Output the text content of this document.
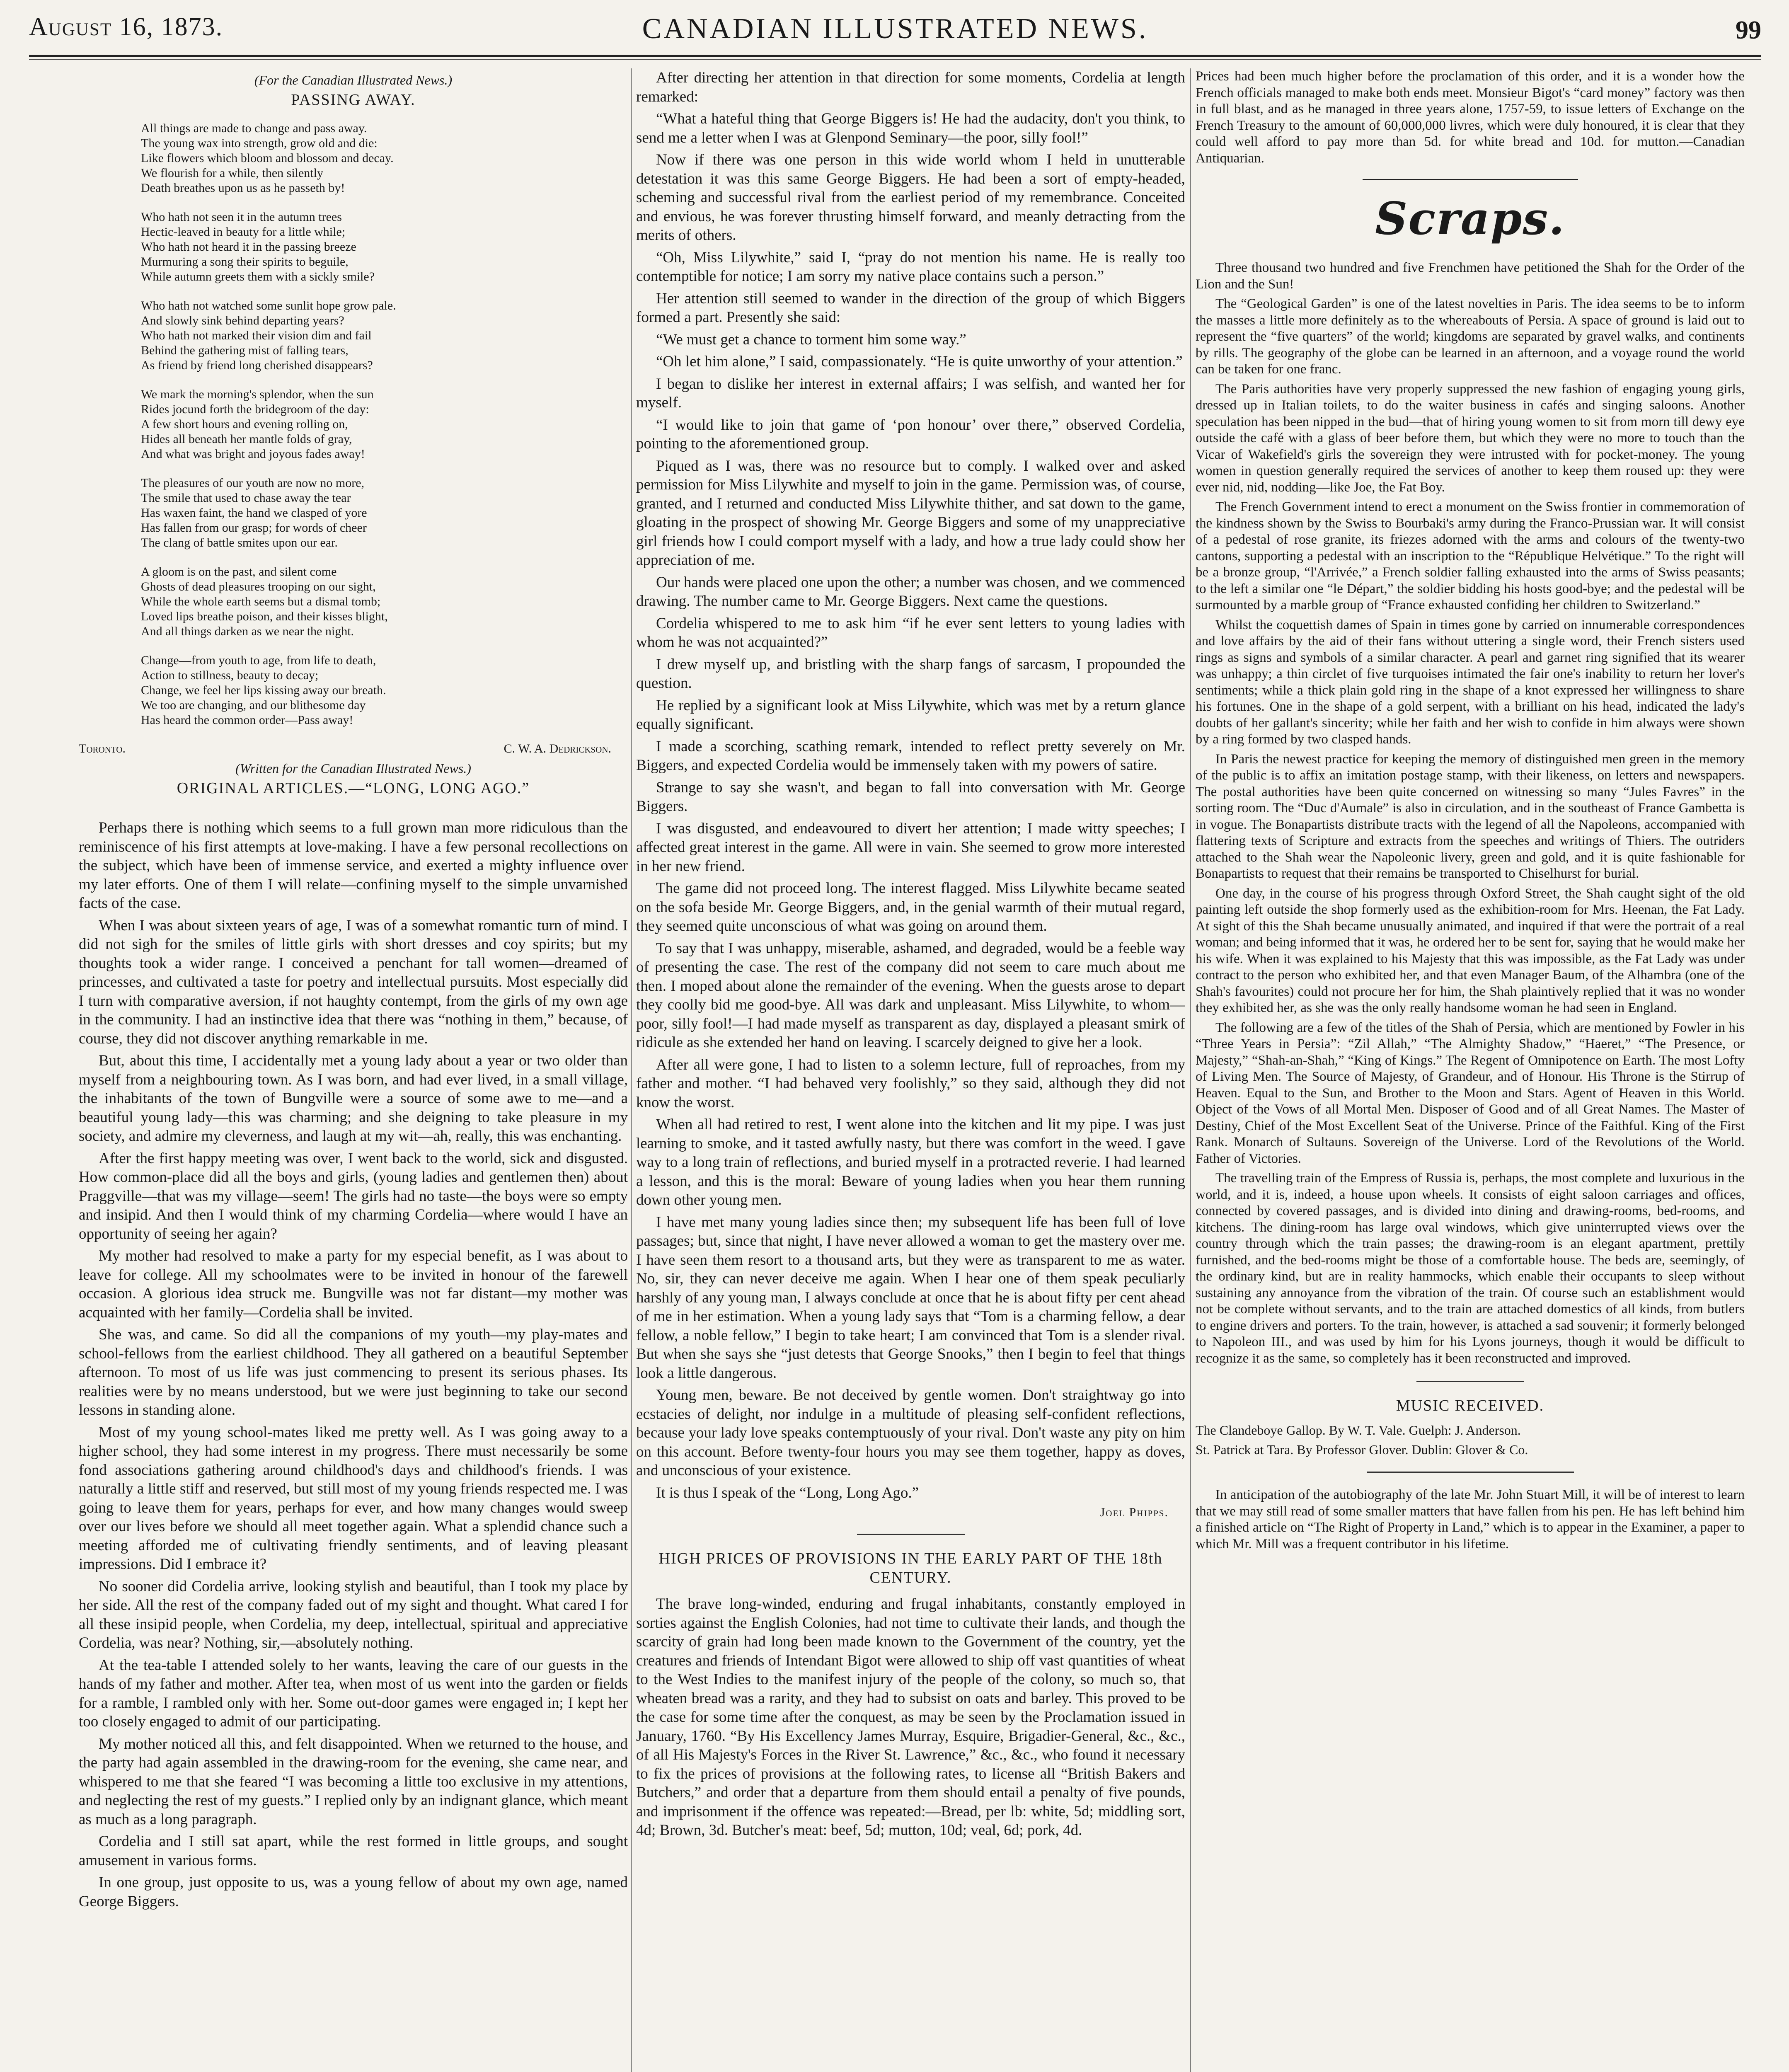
August 16, 1873.	CANADIAN ILLUSTRATED NEWS.	99
(For the Canadian Illustrated News.)
PASSING AWAY.
All things are made to change and pass away.
The young wax into strength, grow old and die:
Like flowers which bloom and blossom and decay.
We flourish for a while, then silently
Death breathes upon us as he passeth by!
Who hath not seen it in the autumn trees
Hectic-leaved in beauty for a little while;
Who hath not heard it in the passing breeze
Murmuring a song their spirits to beguile,
While autumn greets them with a sickly smile?
Who hath not watched some sunlit hope grow pale.
And slowly sink behind departing years?
Who hath not marked their vision dim and fail
Behind the gathering mist of falling tears,
As friend by friend long cherished disappears?
We mark the morning's splendor, when the sun
Rides jocund forth the bridegroom of the day:
A few short hours and evening rolling on,
Hides all beneath her mantle folds of gray,
And what was bright and joyous fades away!
The pleasures of our youth are now no more,
The smile that used to chase away the tear
Has waxen faint, the hand we clasped of yore
Has fallen from our grasp; for words of cheer
The clang of battle smites upon our ear.
A gloom is on the past, and silent come
Ghosts of dead pleasures trooping on our sight,
While the whole earth seems but a dismal tomb;
Loved lips breathe poison, and their kisses blight,
And all things darken as we near the night.
Change—from youth to age, from life to death,
Action to stillness, beauty to decay;
Change, we feel her lips kissing away our breath.
We too are changing, and our blithesome day
Has heard the common order—Pass away!
Toronto.	C. W. A. Dedrickson.
(Written for the Canadian Illustrated News.)
ORIGINAL ARTICLES.—“LONG, LONG AGO.”

Perhaps there is nothing which seems to a full grown man more ridiculous than the reminiscence of his first attempts at love-making. I have a few personal recollections on the subject, which have been of immense service, and exerted a mighty influence over my later efforts. One of them I will relate—confining myself to the simple unvarnished facts of the case.

When I was about sixteen years of age, I was of a somewhat romantic turn of mind. I did not sigh for the smiles of little girls with short dresses and coy spirits; but my thoughts took a wider range. I conceived a penchant for tall women—dreamed of princesses, and cultivated a taste for poetry and intellectual pursuits. Most especially did I turn with comparative aversion, if not haughty contempt, from the girls of my own age in the community. I had an instinctive idea that there was “nothing in them,” because, of course, they did not discover anything remarkable in me.

But, about this time, I accidentally met a young lady about a year or two older than myself from a neighbouring town. As I was born, and had ever lived, in a small village, the inhabitants of the town of Bungville were a source of some awe to me—and a beautiful young lady—this was charming; and she deigning to take pleasure in my society, and admire my cleverness, and laugh at my wit—ah, really, this was enchanting.

After the first happy meeting was over, I went back to the world, sick and disgusted. How common-place did all the boys and girls, (young ladies and gentlemen then) about Praggville—that was my village—seem! The girls had no taste—the boys were so empty and insipid. And then I would think of my charming Cordelia—where would I have an opportunity of seeing her again?

My mother had resolved to make a party for my especial benefit, as I was about to leave for college. All my schoolmates were to be invited in honour of the farewell occasion. A glorious idea struck me. Bungville was not far distant—my mother was acquainted with her family—Cordelia shall be invited.

She was, and came. So did all the companions of my youth—my play-mates and school-fellows from the earliest childhood. They all gathered on a beautiful September afternoon. To most of us life was just commencing to present its serious phases. Its realities were by no means understood, but we were just beginning to take our second lessons in standing alone.

Most of my young school-mates liked me pretty well. As I was going away to a higher school, they had some interest in my progress. There must necessarily be some fond associations gathering around childhood's days and childhood's friends. I was naturally a little stiff and reserved, but still most of my young friends respected me. I was going to leave them for years, perhaps for ever, and how many changes would sweep over our lives before we should all meet together again. What a splendid chance such a meeting afforded me of cultivating friendly sentiments, and of leaving pleasant impressions. Did I embrace it?

No sooner did Cordelia arrive, looking stylish and beautiful, than I took my place by her side. All the rest of the company faded out of my sight and thought. What cared I for all these insipid people, when Cordelia, my deep, intellectual, spiritual and appreciative Cordelia, was near? Nothing, sir,—absolutely nothing.

At the tea-table I attended solely to her wants, leaving the care of our guests in the hands of my father and mother. After tea, when most of us went into the garden or fields for a ramble, I rambled only with her. Some out-door games were engaged in; I kept her too closely engaged to admit of our participating.

My mother noticed all this, and felt disappointed. When we returned to the house, and the party had again assembled in the drawing-room for the evening, she came near, and whispered to me that she feared “I was becoming a little too exclusive in my attentions, and neglecting the rest of my guests.” I replied only by an indignant glance, which meant as much as a long paragraph.

Cordelia and I still sat apart, while the rest formed in little groups, and sought amusement in various forms.

In one group, just opposite to us, was a young fellow of about my own age, named George Biggers.

After directing her attention in that direction for some moments, Cordelia at length remarked:

“What a hateful thing that George Biggers is! He had the audacity, don't you think, to send me a letter when I was at Glenpond Seminary—the poor, silly fool!”

Now if there was one person in this wide world whom I held in unutterable detestation it was this same George Biggers. He had been a sort of empty-headed, scheming and successful rival from the earliest period of my remembrance. Conceited and envious, he was forever thrusting himself forward, and meanly detracting from the merits of others.

“Oh, Miss Lilywhite,” said I, “pray do not mention his name. He is really too contemptible for notice; I am sorry my native place contains such a person.”

Her attention still seemed to wander in the direction of the group of which Biggers formed a part. Presently she said:

“We must get a chance to torment him some way.”

“Oh let him alone,” I said, compassionately. “He is quite unworthy of your attention.”

I began to dislike her interest in external affairs; I was selfish, and wanted her for myself.

“I would like to join that game of ‘pon honour’ over there,” observed Cordelia, pointing to the aforementioned group.

Piqued as I was, there was no resource but to comply. I walked over and asked permission for Miss Lilywhite and myself to join in the game. Permission was, of course, granted, and I returned and conducted Miss Lilywhite thither, and sat down to the game, gloating in the prospect of showing Mr. George Biggers and some of my unappreciative girl friends how I could comport myself with a lady, and how a true lady could show her appreciation of me.

Our hands were placed one upon the other; a number was chosen, and we commenced drawing. The number came to Mr. George Biggers. Next came the questions.

Cordelia whispered to me to ask him “if he ever sent letters to young ladies with whom he was not acquainted?”

I drew myself up, and bristling with the sharp fangs of sarcasm, I propounded the question.

He replied by a significant look at Miss Lilywhite, which was met by a return glance equally significant.

I made a scorching, scathing remark, intended to reflect pretty severely on Mr. Biggers, and expected Cordelia would be immensely taken with my powers of satire.

Strange to say she wasn't, and began to fall into conversation with Mr. George Biggers.

I was disgusted, and endeavoured to divert her attention; I made witty speeches; I affected great interest in the game. All were in vain. She seemed to grow more interested in her new friend.

The game did not proceed long. The interest flagged. Miss Lilywhite became seated on the sofa beside Mr. George Biggers, and, in the genial warmth of their mutual regard, they seemed quite unconscious of what was going on around them.

To say that I was unhappy, miserable, ashamed, and degraded, would be a feeble way of presenting the case. The rest of the company did not seem to care much about me then. I moped about alone the remainder of the evening. When the guests arose to depart they coolly bid me good-bye. All was dark and unpleasant. Miss Lilywhite, to whom—poor, silly fool!—I had made myself as transparent as day, displayed a pleasant smirk of ridicule as she extended her hand on leaving. I scarcely deigned to give her a look.

After all were gone, I had to listen to a solemn lecture, full of reproaches, from my father and mother. “I had behaved very foolishly,” so they said, although they did not know the worst.

When all had retired to rest, I went alone into the kitchen and lit my pipe. I was just learning to smoke, and it tasted awfully nasty, but there was comfort in the weed. I gave way to a long train of reflections, and buried myself in a protracted reverie. I had learned a lesson, and this is the moral: Beware of young ladies when you hear them running down other young men.

I have met many young ladies since then; my subsequent life has been full of love passages; but, since that night, I have never allowed a woman to get the mastery over me. I have seen them resort to a thousand arts, but they were as transparent to me as water. No, sir, they can never deceive me again. When I hear one of them speak peculiarly harshly of any young man, I always conclude at once that he is about fifty per cent ahead of me in her estimation. When a young lady says that “Tom is a charming fellow, a dear fellow, a noble fellow,” I begin to take heart; I am convinced that Tom is a slender rival. But when she says she “just detests that George Snooks,” then I begin to feel that things look a little dangerous.

Young men, beware. Be not deceived by gentle women. Don't straightway go into ecstacies of delight, nor indulge in a multitude of pleasing self-confident reflections, because your lady love speaks contemptuously of your rival. Don't waste any pity on him on this account. Before twenty-four hours you may see them together, happy as doves, and unconscious of your existence.

It is thus I speak of the “Long, Long Ago.”

Joel Phipps.
HIGH PRICES OF PROVISIONS IN THE EARLY PART OF THE 18th CENTURY.

The brave long-winded, enduring and frugal inhabitants, constantly employed in sorties against the English Colonies, had not time to cultivate their lands, and though the scarcity of grain had long been made known to the Government of the country, yet the creatures and friends of Intendant Bigot were allowed to ship off vast quantities of wheat to the West Indies to the manifest injury of the people of the colony, so much so, that wheaten bread was a rarity, and they had to subsist on oats and barley. This proved to be the case for some time after the conquest, as may be seen by the Proclamation issued in January, 1760. “By His Excellency James Murray, Esquire, Brigadier-General, &c., &c., of all His Majesty's Forces in the River St. Lawrence,” &c., &c., who found it necessary to fix the prices of provisions at the following rates, to license all “British Bakers and Butchers,” and order that a departure from them should entail a penalty of five pounds, and imprisonment if the offence was repeated:—Bread, per lb: white, 5d; middling sort, 4d; Brown, 3d. Butcher's meat: beef, 5d; mutton, 10d; veal, 6d; pork, 4d.

Prices had been much higher before the proclamation of this order, and it is a wonder how the French officials managed to make both ends meet. Monsieur Bigot's “card money” factory was then in full blast, and as he managed in three years alone, 1757-59, to issue letters of Exchange on the French Treasury to the amount of 60,000,000 livres, which were duly honoured, it is clear that they could well afford to pay more than 5d. for white bread and 10d. for mutton.—Canadian Antiquarian.

Scraps.

Three thousand two hundred and five Frenchmen have petitioned the Shah for the Order of the Lion and the Sun!

The “Geological Garden” is one of the latest novelties in Paris. The idea seems to be to inform the masses a little more definitely as to the whereabouts of Persia. A space of ground is laid out to represent the “five quarters” of the world; kingdoms are separated by gravel walks, and continents by rills. The geography of the globe can be learned in an afternoon, and a voyage round the world can be taken for one franc.

The Paris authorities have very properly suppressed the new fashion of engaging young girls, dressed up in Italian toilets, to do the waiter business in cafés and singing saloons. Another speculation has been nipped in the bud—that of hiring young women to sit from morn till dewy eye outside the café with a glass of beer before them, but which they were no more to touch than the Vicar of Wakefield's girls the sovereign they were intrusted with for pocket-money. The young women in question generally required the services of another to keep them roused up: they were ever nid, nid, nodding—like Joe, the Fat Boy.

The French Government intend to erect a monument on the Swiss frontier in commemoration of the kindness shown by the Swiss to Bourbaki's army during the Franco-Prussian war. It will consist of a pedestal of rose granite, its friezes adorned with the arms and colours of the twenty-two cantons, supporting a pedestal with an inscription to the “République Helvétique.” To the right will be a bronze group, “l'Arrivée,” a French soldier falling exhausted into the arms of Swiss peasants; to the left a similar one “le Départ,” the soldier bidding his hosts good-bye; and the pedestal will be surmounted by a marble group of “France exhausted confiding her children to Switzerland.”

Whilst the coquettish dames of Spain in times gone by carried on innumerable correspondences and love affairs by the aid of their fans without uttering a single word, their French sisters used rings as signs and symbols of a similar character. A pearl and garnet ring signified that its wearer was unhappy; a thin circlet of five turquoises intimated the fair one's inability to return her lover's sentiments; while a thick plain gold ring in the shape of a knot expressed her willingness to share his fortunes. One in the shape of a gold serpent, with a brilliant on his head, indicated the lady's doubts of her gallant's sincerity; while her faith and her wish to confide in him always were shown by a ring formed by two clasped hands.

In Paris the newest practice for keeping the memory of distinguished men green in the memory of the public is to affix an imitation postage stamp, with their likeness, on letters and newspapers. The postal authorities have been quite concerned on witnessing so many “Jules Favres” in the sorting room. The “Duc d'Aumale” is also in circulation, and in the southeast of France Gambetta is in vogue. The Bonapartists distribute tracts with the legend of all the Napoleons, accompanied with flattering texts of Scripture and extracts from the speeches and writings of Thiers. The outriders attached to the Shah wear the Napoleonic livery, green and gold, and it is quite fashionable for Bonapartists to request that their remains be transported to Chiselhurst for burial.

One day, in the course of his progress through Oxford Street, the Shah caught sight of the old painting left outside the shop formerly used as the exhibition-room for Mrs. Heenan, the Fat Lady. At sight of this the Shah became unusually animated, and inquired if that were the portrait of a real woman; and being informed that it was, he ordered her to be sent for, saying that he would make her his wife. When it was explained to his Majesty that this was impossible, as the Fat Lady was under contract to the person who exhibited her, and that even Manager Baum, of the Alhambra (one of the Shah's favourites) could not procure her for him, the Shah plaintively replied that it was no wonder they exhibited her, as she was the only really handsome woman he had seen in England.

The following are a few of the titles of the Shah of Persia, which are mentioned by Fowler in his “Three Years in Persia”: “Zil Allah,” “The Almighty Shadow,” “Haeret,” “The Presence, or Majesty,” “Shah-an-Shah,” “King of Kings.” The Regent of Omnipotence on Earth. The most Lofty of Living Men. The Source of Majesty, of Grandeur, and of Honour. His Throne is the Stirrup of Heaven. Equal to the Sun, and Brother to the Moon and Stars. Agent of Heaven in this World. Object of the Vows of all Mortal Men. Disposer of Good and of all Great Names. The Master of Destiny, Chief of the Most Excellent Seat of the Universe. Prince of the Faithful. King of the First Rank. Monarch of Sultauns. Sovereign of the Universe. Lord of the Revolutions of the World. Father of Victories.

The travelling train of the Empress of Russia is, perhaps, the most complete and luxurious in the world, and it is, indeed, a house upon wheels. It consists of eight saloon carriages and offices, connected by covered passages, and is divided into dining and drawing-rooms, bed-rooms, and kitchens. The dining-room has large oval windows, which give uninterrupted views over the country through which the train passes; the drawing-room is an elegant apartment, prettily furnished, and the bed-rooms might be those of a comfortable house. The beds are, seemingly, of the ordinary kind, but are in reality hammocks, which enable their occupants to sleep without sustaining any annoyance from the vibration of the train. Of course such an establishment would not be complete without servants, and to the train are attached domestics of all kinds, from butlers to engine drivers and porters. To the train, however, is attached a sad souvenir; it formerly belonged to Napoleon III., and was used by him for his Lyons journeys, though it would be difficult to recognize it as the same, so completely has it been reconstructed and improved.

MUSIC RECEIVED.
The Clandeboye Gallop. By W. T. Vale. Guelph: J. Anderson.
St. Patrick at Tara. By Professor Glover. Dublin: Glover & Co.

In anticipation of the autobiography of the late Mr. John Stuart Mill, it will be of interest to learn that we may still read of some smaller matters that have fallen from his pen. He has left behind him a finished article on “The Right of Property in Land,” which is to appear in the Examiner, a paper to which Mr. Mill was a frequent contributor in his lifetime.
